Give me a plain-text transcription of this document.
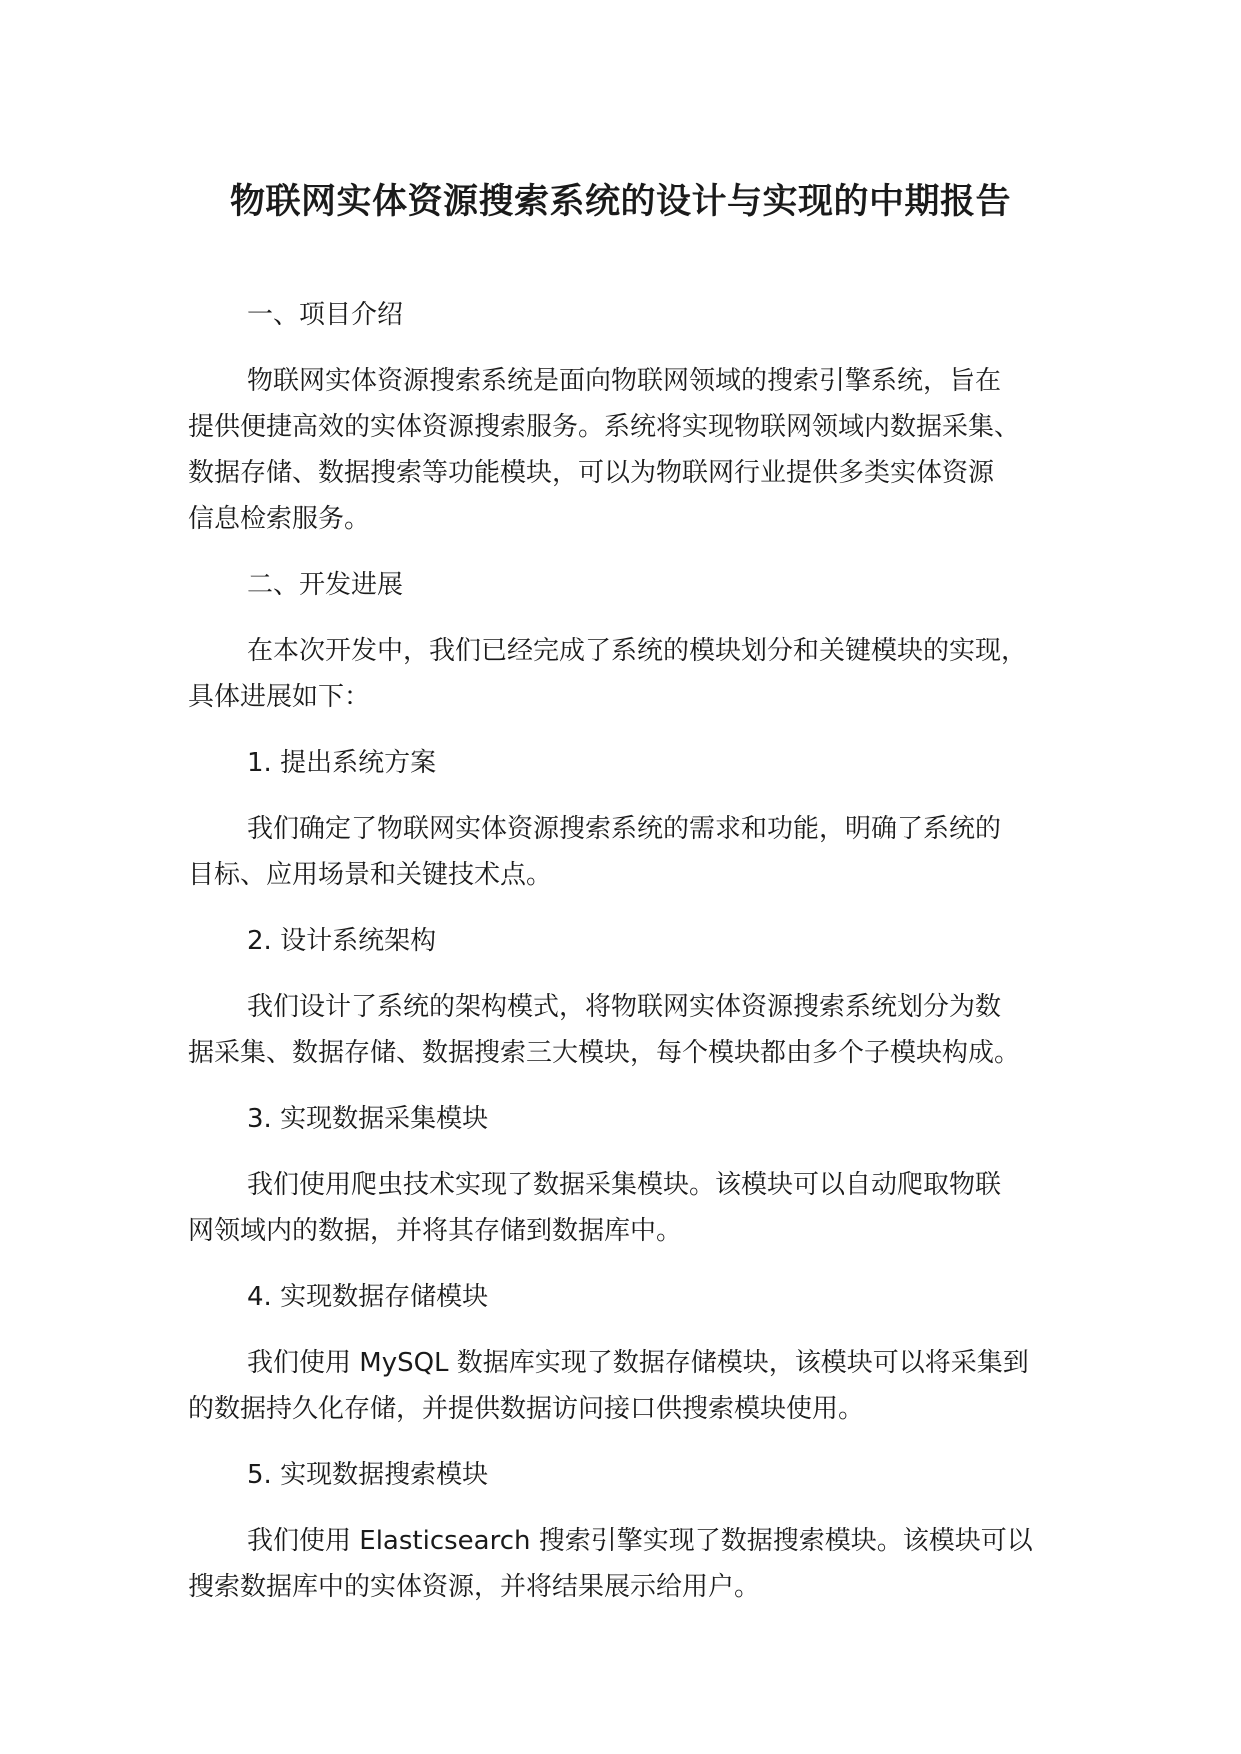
物联网实体资源搜索系统的设计与实现的中期报告

一、项目介绍

物联网实体资源搜索系统是面向物联网领域的搜索引擎系统，旨在
提供便捷高效的实体资源搜索服务。系统将实现物联网领域内数据采集、
数据存储、数据搜索等功能模块，可以为物联网行业提供多类实体资源
信息检索服务。

二、开发进展

在本次开发中，我们已经完成了系统的模块划分和关键模块的实现，
具体进展如下：

1. 提出系统方案

我们确定了物联网实体资源搜索系统的需求和功能，明确了系统的
目标、应用场景和关键技术点。

2. 设计系统架构

我们设计了系统的架构模式，将物联网实体资源搜索系统划分为数
据采集、数据存储、数据搜索三大模块，每个模块都由多个子模块构成。

3. 实现数据采集模块

我们使用爬虫技术实现了数据采集模块。该模块可以自动爬取物联
网领域内的数据，并将其存储到数据库中。

4. 实现数据存储模块

我们使用 MySQL 数据库实现了数据存储模块，该模块可以将采集到
的数据持久化存储，并提供数据访问接口供搜索模块使用。

5. 实现数据搜索模块

我们使用 Elasticsearch 搜索引擎实现了数据搜索模块。该模块可以
搜索数据库中的实体资源，并将结果展示给用户。
